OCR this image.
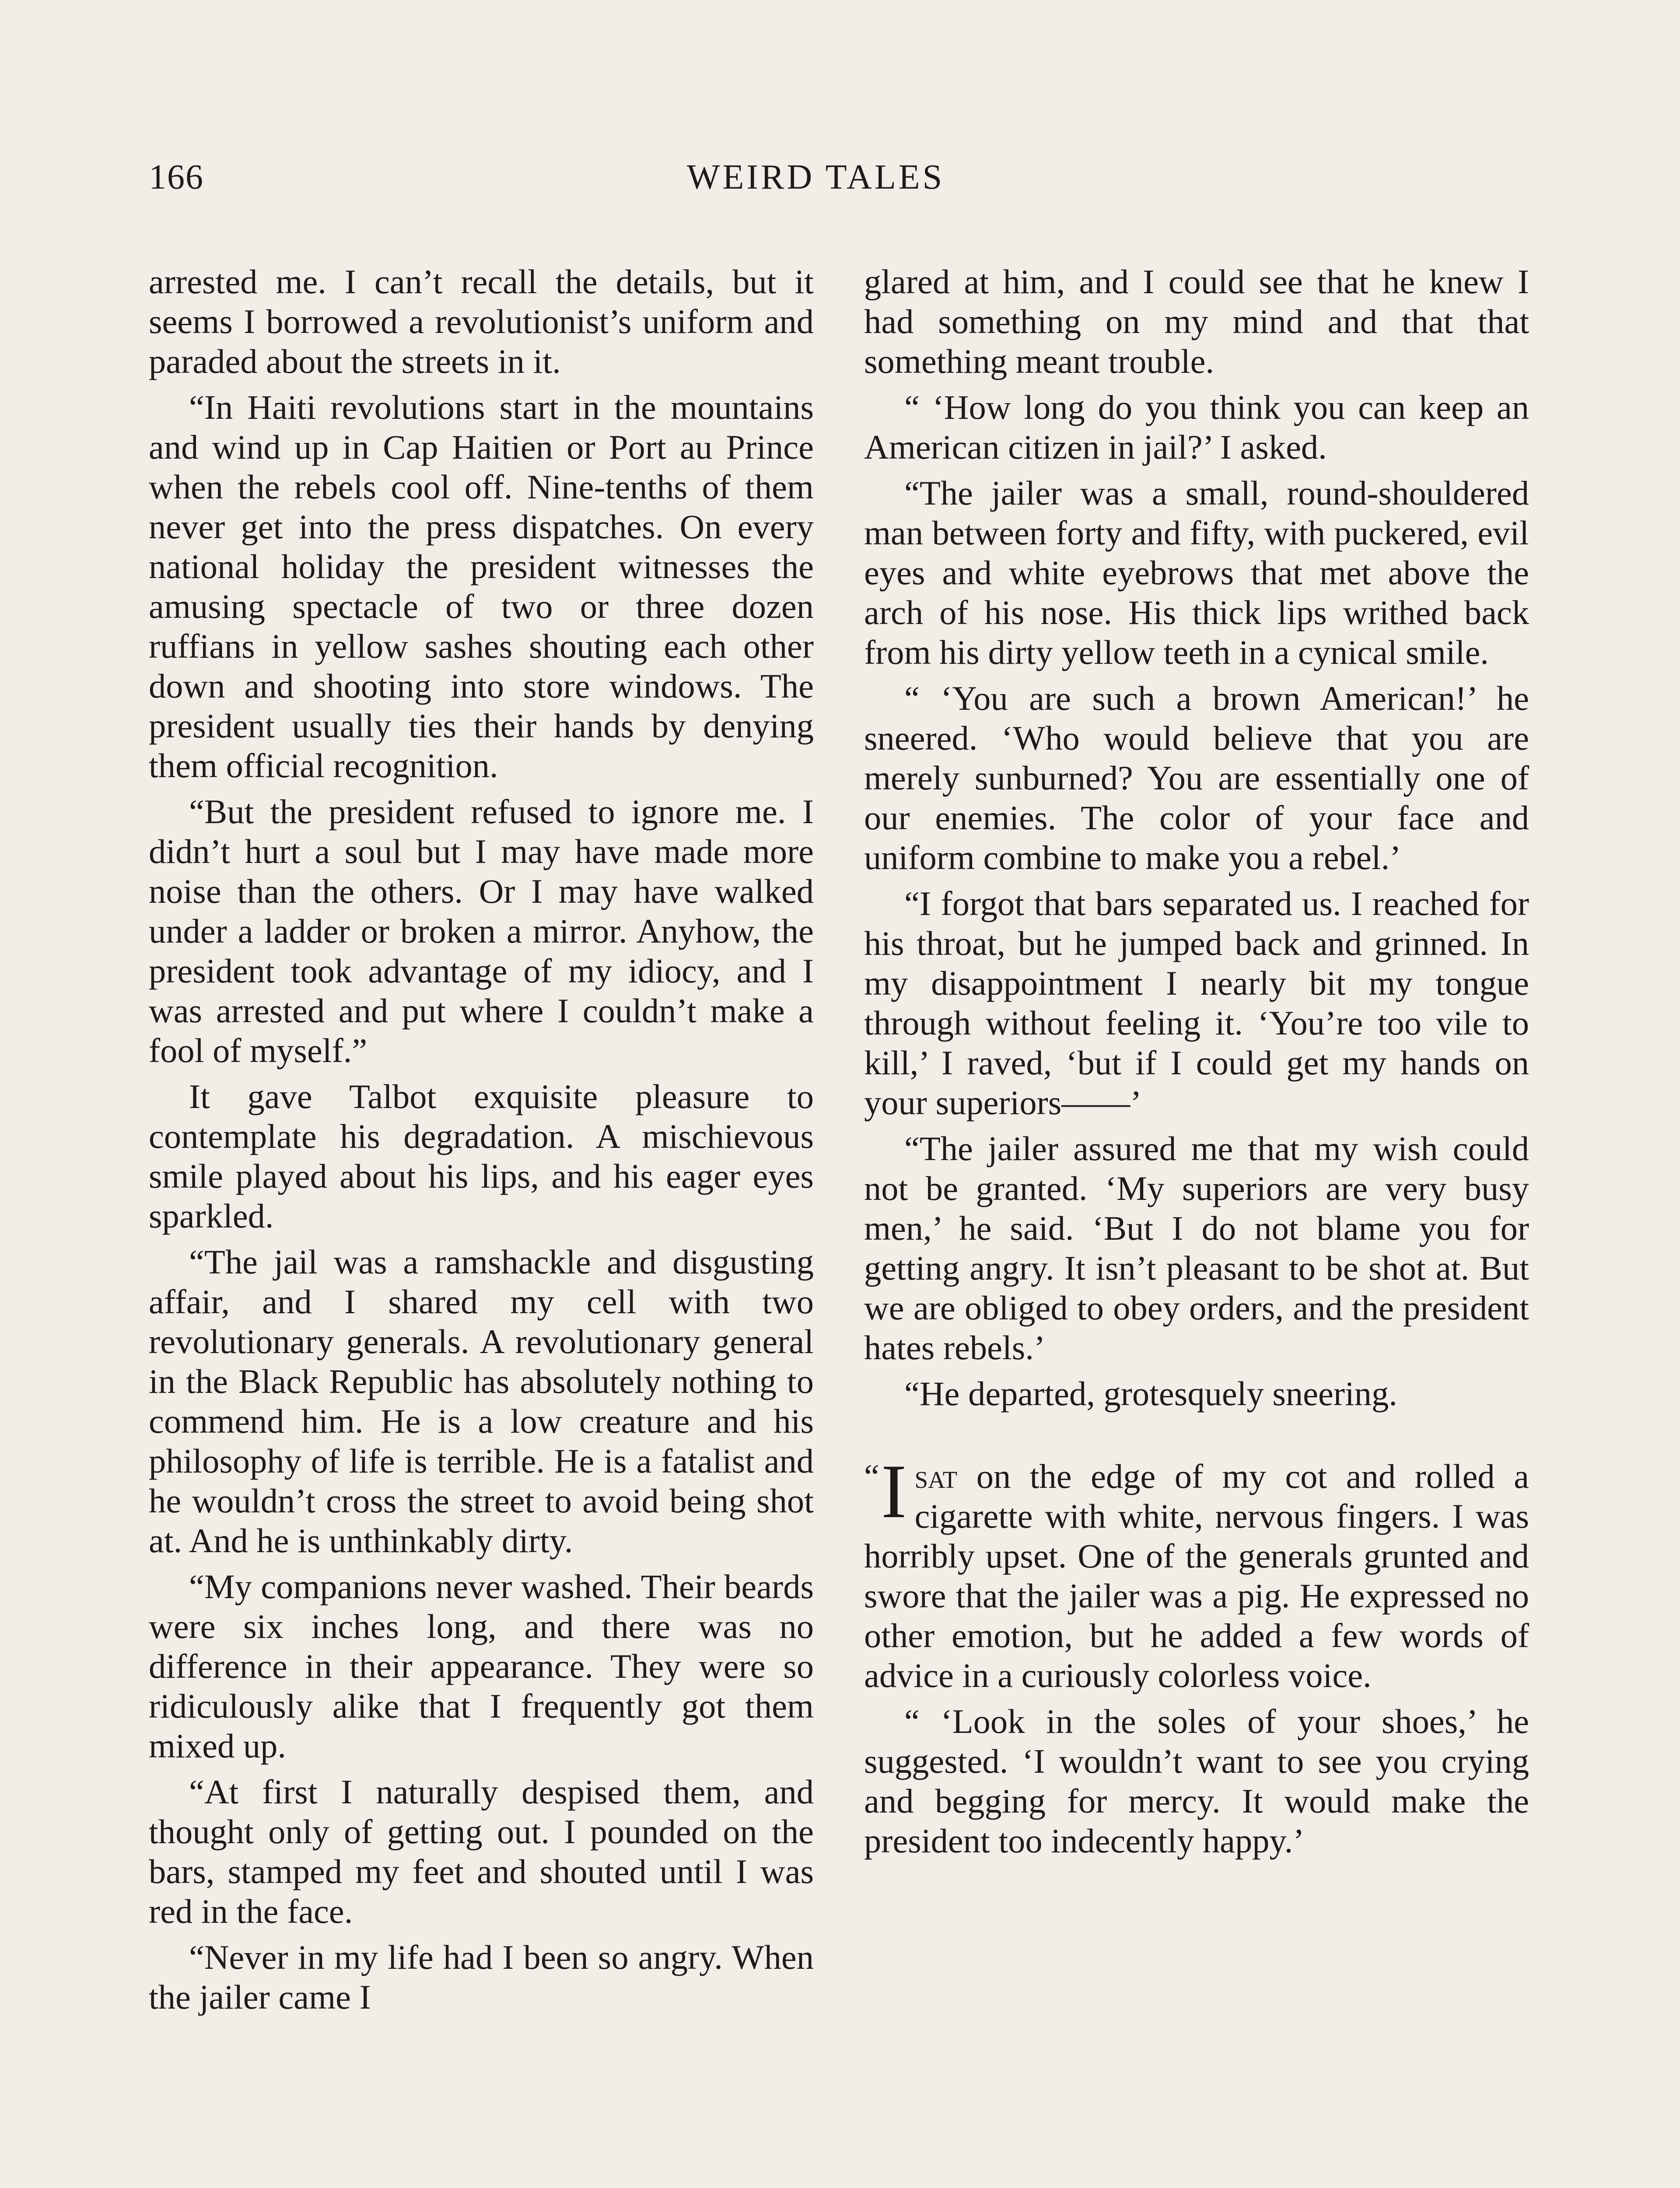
166	WEIRD TALES

arrested me. I can’t recall the details, but it seems I borrowed a revolutionist’s uniform and paraded about the streets in it.

“In Haiti revolutions start in the mountains and wind up in Cap Haitien or Port au Prince when the rebels cool off. Nine-tenths of them never get into the press dispatches. On every national holiday the president witnesses the amusing spectacle of two or three dozen ruffians in yellow sashes shouting each other down and shooting into store windows. The president usually ties their hands by denying them official recognition.

“But the president refused to ignore me. I didn’t hurt a soul but I may have made more noise than the others. Or I may have walked under a ladder or broken a mirror. Anyhow, the president took advantage of my idiocy, and I was arrested and put where I couldn’t make a fool of myself.”

It gave Talbot exquisite pleasure to contemplate his degradation. A mischievous smile played about his lips, and his eager eyes sparkled.

“The jail was a ramshackle and disgusting affair, and I shared my cell with two revolutionary generals. A revolutionary general in the Black Republic has absolutely nothing to commend him. He is a low creature and his philosophy of life is terrible. He is a fatalist and he wouldn’t cross the street to avoid being shot at. And he is unthinkably dirty.

“My companions never washed. Their beards were six inches long, and there was no difference in their appearance. They were so ridiculously alike that I frequently got them mixed up.

“At first I naturally despised them, and thought only of getting out. I pounded on the bars, stamped my feet and shouted until I was red in the face.

“Never in my life had I been so angry. When the jailer came I

glared at him, and I could see that he knew I had something on my mind and that that something meant trouble.

“ ‘How long do you think you can keep an American citizen in jail?’ I asked.

“The jailer was a small, round-shouldered man between forty and fifty, with puckered, evil eyes and white eyebrows that met above the arch of his nose. His thick lips writhed back from his dirty yellow teeth in a cynical smile.

“ ‘You are such a brown American!’ he sneered. ‘Who would believe that you are merely sunburned? You are essentially one of our enemies. The color of your face and uniform combine to make you a rebel.’

“I forgot that bars separated us. I reached for his throat, but he jumped back and grinned. In my disappointment I nearly bit my tongue through without feeling it. ‘You’re too vile to kill,’ I raved, ‘but if I could get my hands on your superiors——’

“The jailer assured me that my wish could not be granted. ‘My superiors are very busy men,’ he said. ‘But I do not blame you for getting angry. It isn’t pleasant to be shot at. But we are obliged to obey orders, and the president hates rebels.’

“He departed, grotesquely sneering.

“ I sat on the edge of my cot and rolled a cigarette with white, nervous fingers. I was horribly upset. One of the generals grunted and swore that the jailer was a pig. He expressed no other emotion, but he added a few words of advice in a curiously colorless voice.

“ ‘Look in the soles of your shoes,’ he suggested. ‘I wouldn’t want to see you crying and begging for mercy. It would make the president too indecently happy.’
